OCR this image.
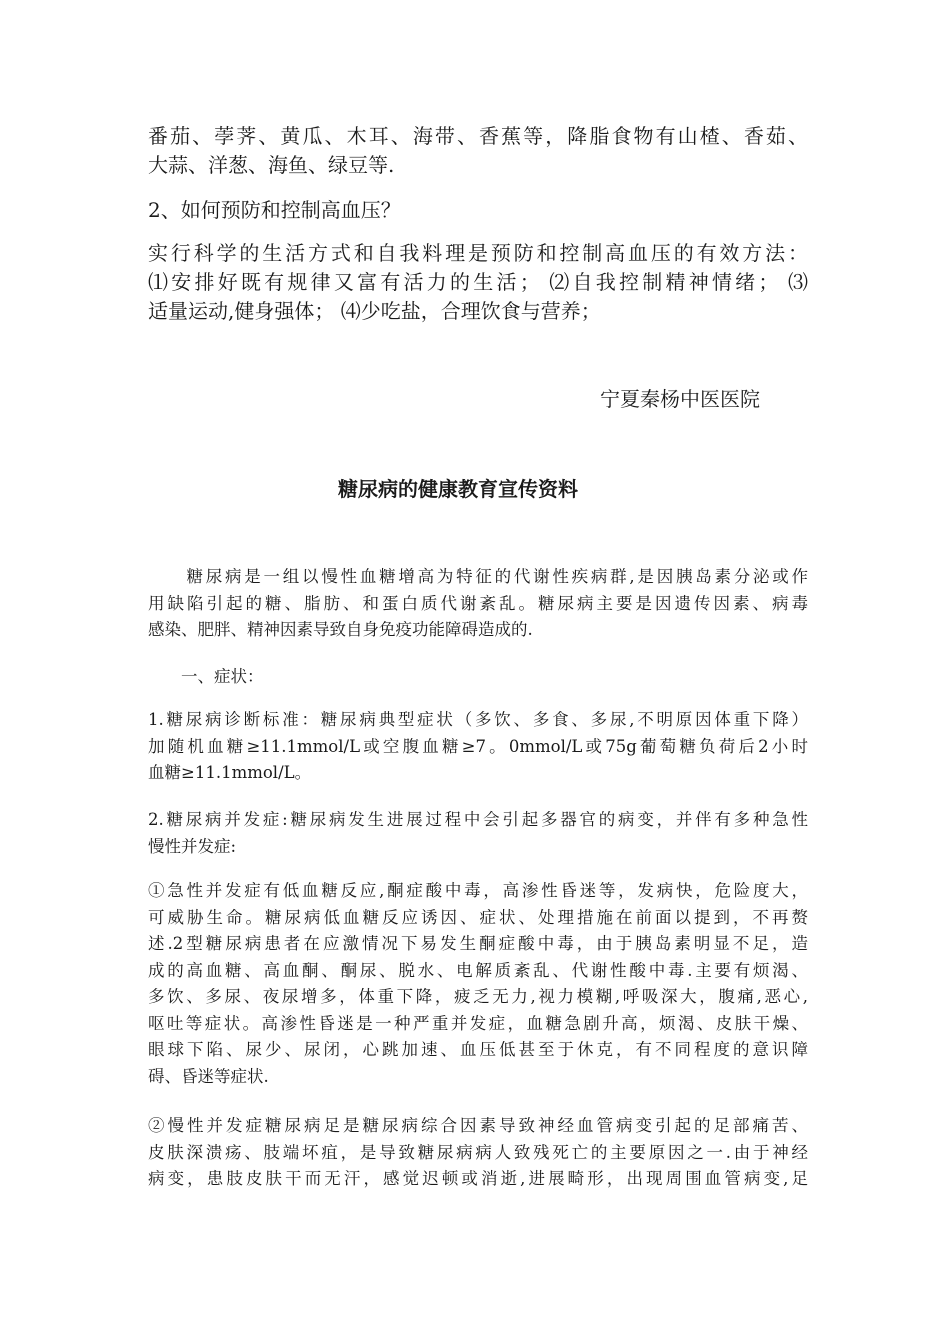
番茄、荸荠、黄瓜、木耳、海带、香蕉等，降脂食物有山楂、香茹、
大蒜、洋葱、海鱼、绿豆等.
2、如何预防和控制高血压？
实行科学的生活方式和自我料理是预防和控制高血压的有效方法：
⑴安排好既有规律又富有活力的生活； ⑵自我控制精神情绪； ⑶
适量运动,健身强体； ⑷少吃盐，合理饮食与营养；
宁夏秦杨中医医院
糖尿病的健康教育宣传资料
　　糖尿病是一组以慢性血糖增高为特征的代谢性疾病群,是因胰岛素分泌或作
用缺陷引起的糖、脂肪、和蛋白质代谢紊乱。糖尿病主要是因遗传因素、病毒
感染、肥胖、精神因素导致自身免疫功能障碍造成的.
　　一、症状：
1.糖尿病诊断标准：糖尿病典型症状（多饮、多食、多尿,不明原因体重下降）
加随机血糖≥11.1mmol/L或空腹血糖≥7。0mmol/L或75g葡萄糖负荷后2小时
血糖≥11.1mmol/L。
2.糖尿病并发症:糖尿病发生进展过程中会引起多器官的病变，并伴有多种急性
慢性并发症:
①急性并发症有低血糖反应,酮症酸中毒，高渗性昏迷等，发病快，危险度大，
可威胁生命。糖尿病低血糖反应诱因、症状、处理措施在前面以提到，不再赘
述.2型糖尿病患者在应激情况下易发生酮症酸中毒，由于胰岛素明显不足，造
成的高血糖、高血酮、酮尿、脱水、电解质紊乱、代谢性酸中毒.主要有烦渴、
多饮、多尿、夜尿增多，体重下降，疲乏无力,视力模糊,呼吸深大，腹痛,恶心,
呕吐等症状。高渗性昏迷是一种严重并发症，血糖急剧升高，烦渴、皮肤干燥、
眼球下陷、尿少、尿闭，心跳加速、血压低甚至于休克，有不同程度的意识障
碍、昏迷等症状.
②慢性并发症糖尿病足是糖尿病综合因素导致神经血管病变引起的足部痛苦、
皮肤深溃疡、肢端坏疽，是导致糖尿病病人致残死亡的主要原因之一.由于神经
病变，患肢皮肤干而无汗，感觉迟顿或消逝,进展畸形，出现周围血管病变,足
